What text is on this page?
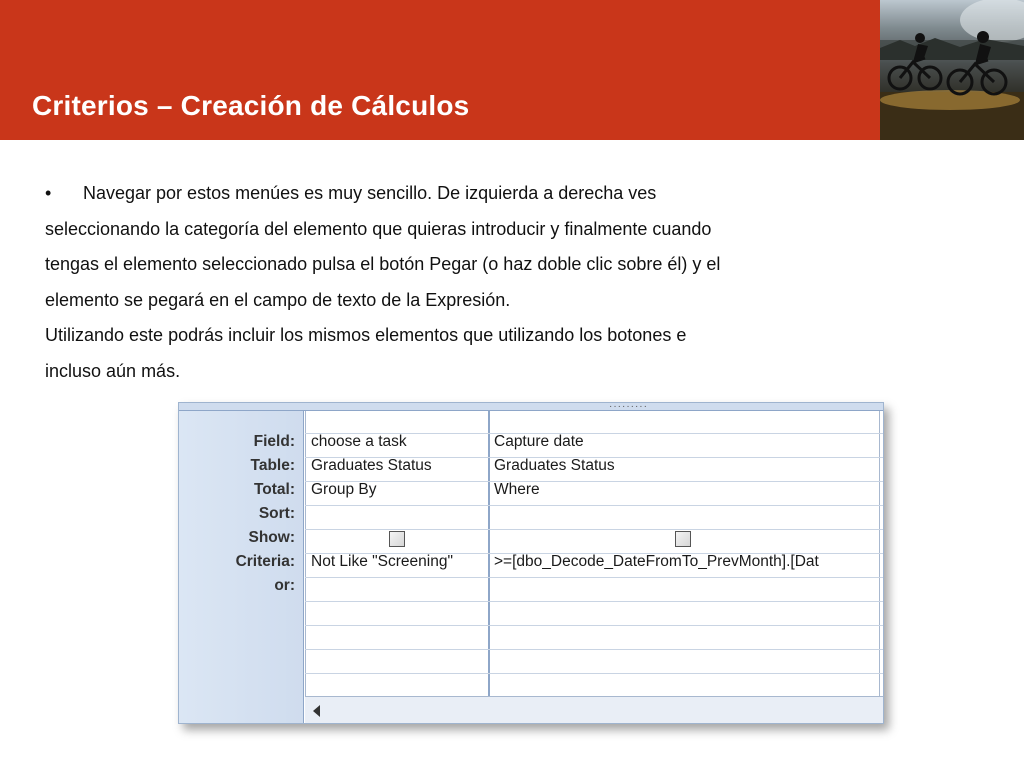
Criterios – Creación de Cálculos
•	Navegar por estos menúes es muy sencillo. De izquierda a derecha ves
seleccionando la categoría del elemento que quieras introducir y finalmente cuando
tengas el elemento seleccionado pulsa el botón Pegar (o haz doble clic sobre él) y el
elemento se pegará en el campo de texto de la Expresión.
Utilizando este podrás incluir los mismos elementos que utilizando los botones e
incluso aún más.
·········
Field:
Table:
Total:
Sort:
Show:
Criteria:
or:
choose a task
Graduates Status
Group By
Not Like "Screening"
Capture date
Graduates Status
Where
>=[dbo_Decode_DateFromTo_PrevMonth].[Dat
